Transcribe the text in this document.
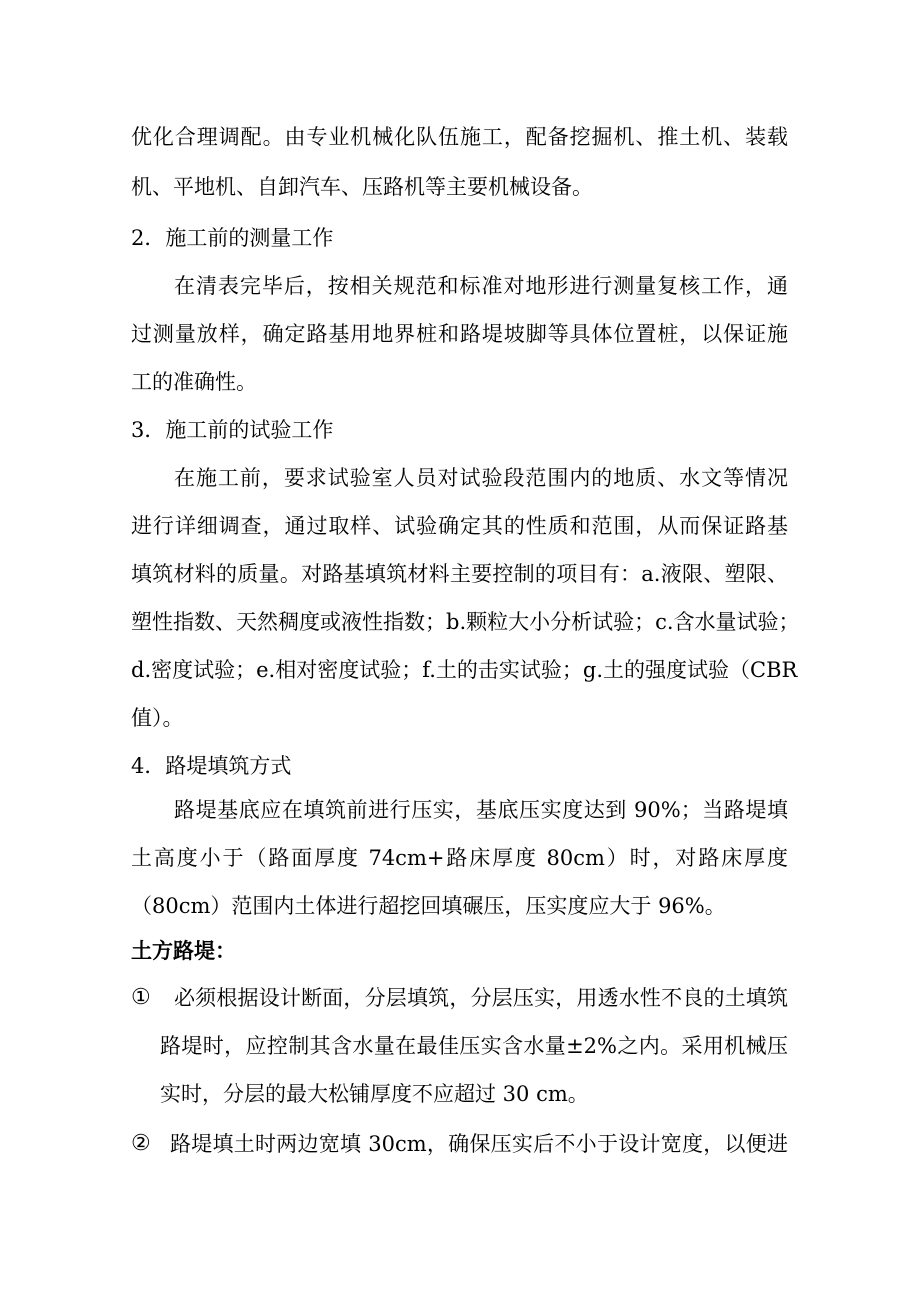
优化合理调配。由专业机械化队伍施工，配备挖掘机、推土机、装载
机、平地机、自卸汽车、压路机等主要机械设备。
2．施工前的测量工作
在清表完毕后，按相关规范和标准对地形进行测量复核工作，通
过测量放样，确定路基用地界桩和路堤坡脚等具体位置桩，以保证施
工的准确性。
3．施工前的试验工作
在施工前，要求试验室人员对试验段范围内的地质、水文等情况
进行详细调查，通过取样、试验确定其的性质和范围，从而保证路基
填筑材料的质量。对路基填筑材料主要控制的项目有：a.液限、塑限、
塑性指数、天然稠度或液性指数；b.颗粒大小分析试验；c.含水量试验；
d.密度试验；e.相对密度试验；f.土的击实试验；g.土的强度试验（CBR
值）。
4．路堤填筑方式
路堤基底应在填筑前进行压实，基底压实度达到 90%；当路堤填
土高度小于（路面厚度 74cm+路床厚度 80cm）时，对路床厚度
（80cm）范围内土体进行超挖回填碾压，压实度应大于 96%。
土方路堤：
① 必须根据设计断面，分层填筑，分层压实，用透水性不良的土填筑
路堤时，应控制其含水量在最佳压实含水量±2%之内。采用机械压
实时，分层的最大松铺厚度不应超过 30 cm。
② 路堤填土时两边宽填 30cm，确保压实后不小于设计宽度，以便进
